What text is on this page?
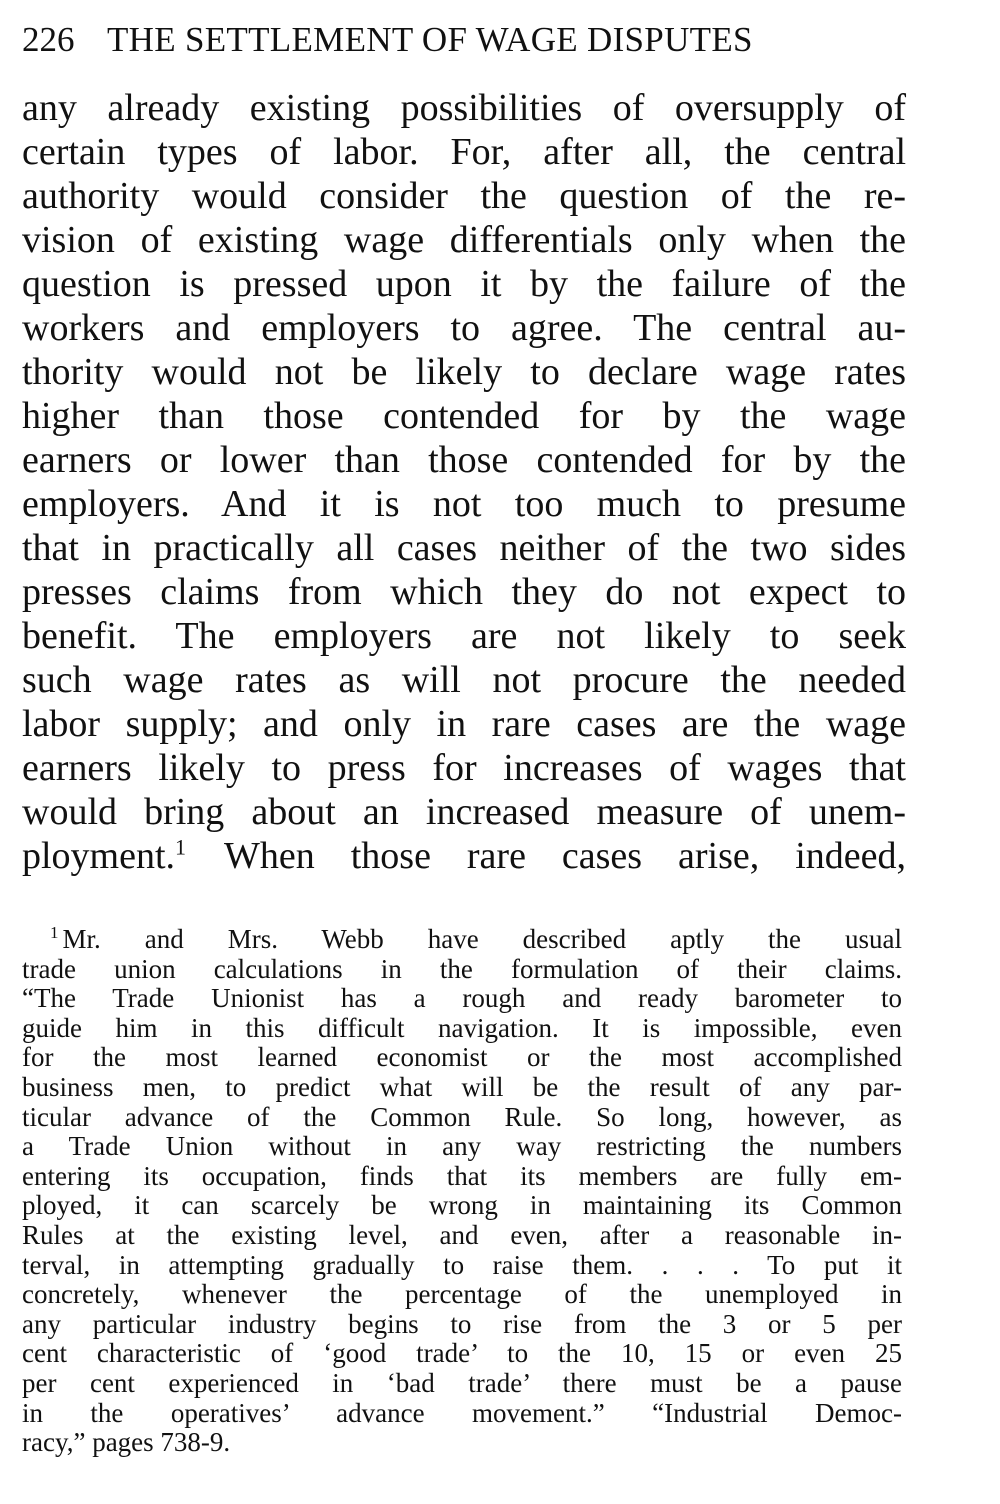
226 THE SETTLEMENT OF WAGE DISPUTES
any already existing possibilities of oversupply of
certain types of labor. For, after all, the central
authority would consider the question of the re-
vision of existing wage differentials only when the
question is pressed upon it by the failure of the
workers and employers to agree. The central au-
thority would not be likely to declare wage rates
higher than those contended for by the wage
earners or lower than those contended for by the
employers. And it is not too much to presume
that in practically all cases neither of the two sides
presses claims from which they do not expect to
benefit. The employers are not likely to seek
such wage rates as will not procure the needed
labor supply; and only in rare cases are the wage
earners likely to press for increases of wages that
would bring about an increased measure of unem-
ployment.$^1$  When those rare cases arise, indeed,
$^1$ Mr. and Mrs. Webb have described aptly the usual
trade union calculations in the formulation of their claims.
“The Trade Unionist has a rough and ready barometer to
guide him in this difficult navigation. It is impossible, even
for the most learned economist or the most accomplished
business men, to predict what will be the result of any par-
ticular advance of the Common Rule. So long, however, as
a Trade Union without in any way restricting the numbers
entering its occupation, finds that its members are fully em-
ployed, it can scarcely be wrong in maintaining its Common
Rules at the existing level, and even, after a reasonable in-
terval, in attempting gradually to raise them. . . . To put it
concretely, whenever the percentage of the unemployed in
any particular industry begins to rise from the 3 or 5 per
cent characteristic of ‘good trade’ to the 10, 15 or even 25
per cent experienced in ‘bad trade’ there must be a pause
in the operatives’ advance movement.” “Industrial Democ-
racy,” pages 738-9.
